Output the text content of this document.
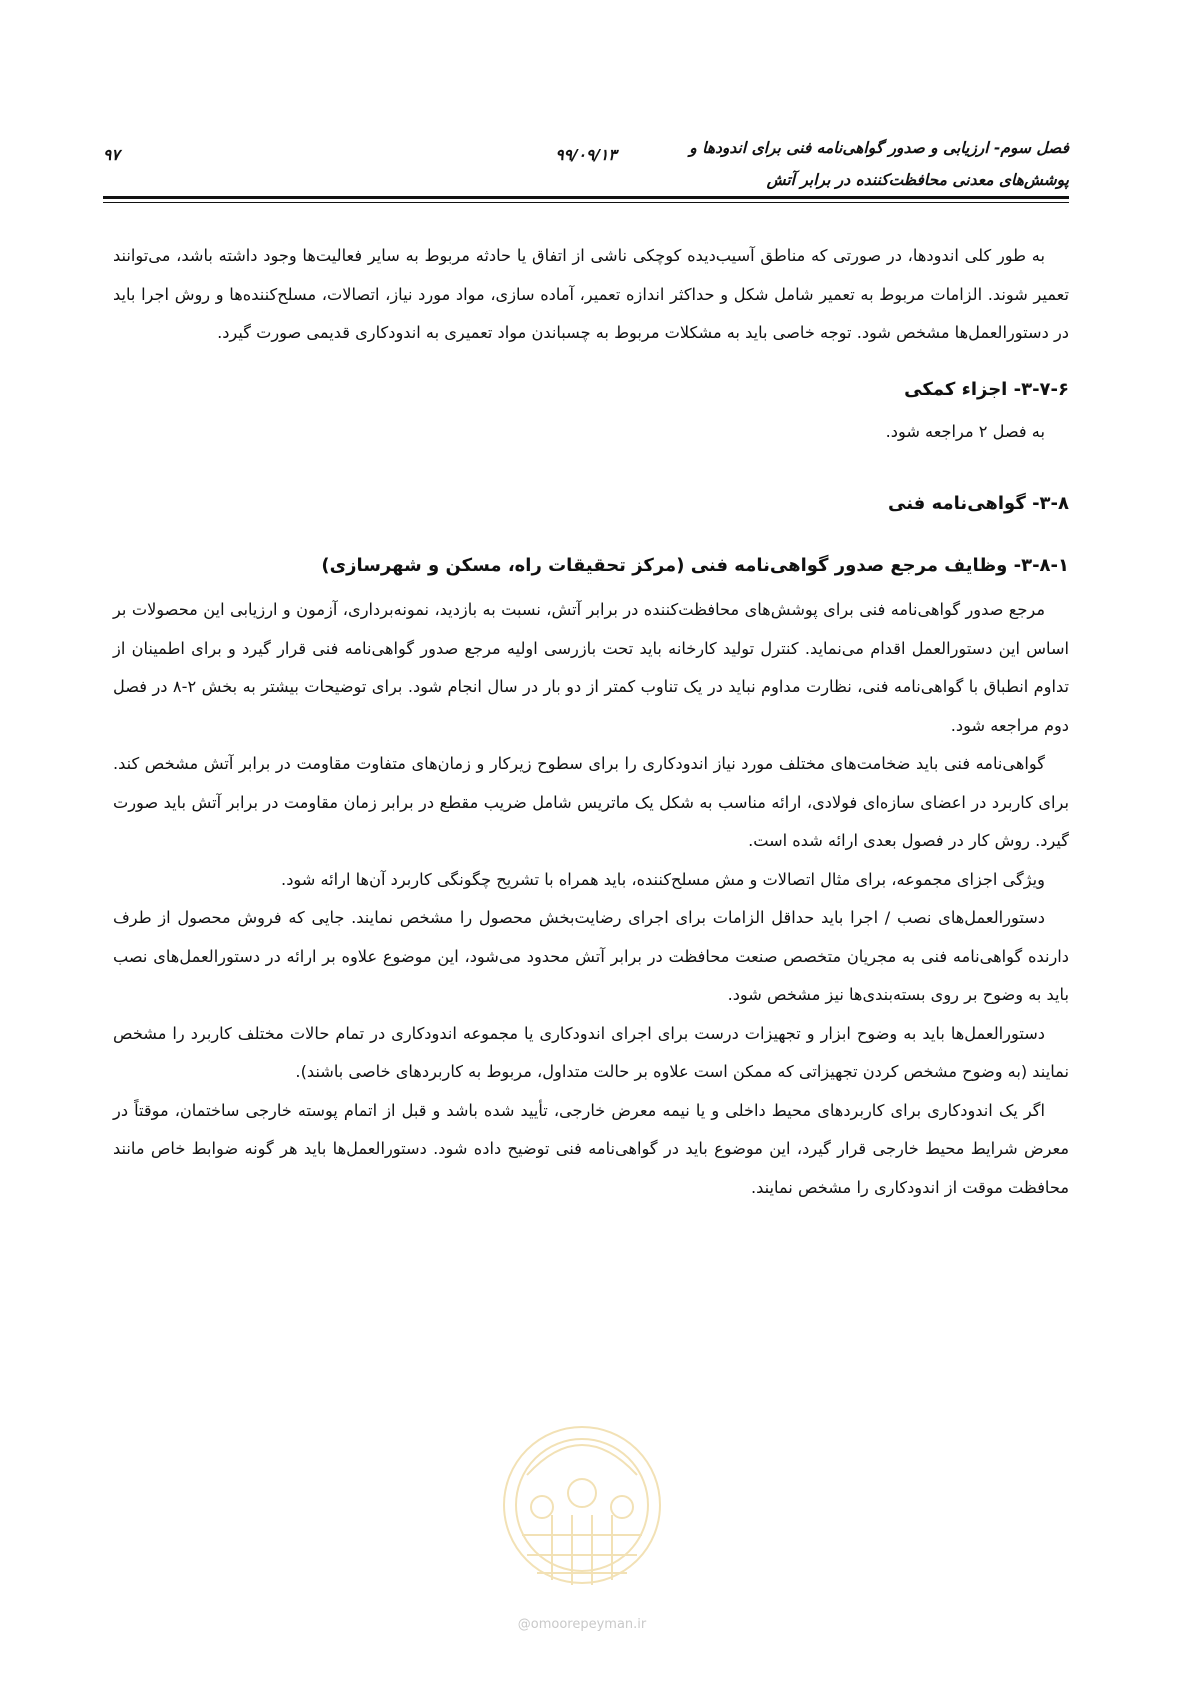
فصل سوم- ارزیابی و صدور گواهی‌نامه فنی برای اندودها و
پوشش‌های معدنی محافظت‌کننده در برابر آتش
۹۹/۰۹/۱۳
۹۷

به طور کلی اندودها، در صورتی که مناطق آسیب‌دیده کوچکی ناشی از اتفاق یا حادثه مربوط به سایر فعالیت‌ها وجود داشته باشد، می‌توانند تعمیر شوند. الزامات مربوط به تعمیر شامل شکل و حداکثر اندازه تعمیر، آماده سازی، مواد مورد نیاز، اتصالات، مسلح‌کننده‌ها و روش اجرا باید در دستورالعمل‌ها مشخص شود. توجه خاصی باید به مشکلات مربوط به چسباندن مواد تعمیری به اندودکاری قدیمی صورت گیرد.

۳-۷-۶- اجزاء کمکی

به فصل ۲ مراجعه شود.

۳-۸- گواهی‌نامه فنی

۳-۸-۱- وظایف مرجع صدور گواهی‌نامه فنی (مرکز تحقیقات راه، مسکن و شهرسازی)

مرجع صدور گواهی‌نامه فنی برای پوشش‌های محافظت‌کننده در برابر آتش، نسبت به بازدید، نمونه‌برداری، آزمون و ارزیابی این محصولات بر اساس این دستورالعمل اقدام می‌نماید. کنترل تولید کارخانه باید تحت بازرسی اولیه مرجع صدور گواهی‌نامه فنی قرار گیرد و برای اطمینان از تداوم انطباق با گواهی‌نامه فنی، نظارت مداوم نباید در یک تناوب کمتر از دو بار در سال انجام شود. برای توضیحات بیشتر به بخش ۲-۸ در فصل دوم مراجعه شود.

گواهی‌نامه فنی باید ضخامت‌های مختلف مورد نیاز اندودکاری را برای سطوح زیرکار و زمان‌های متفاوت مقاومت در برابر آتش مشخص کند. برای کاربرد در اعضای سازه‌ای فولادی، ارائه مناسب به شکل یک ماتریس شامل ضریب مقطع در برابر زمان مقاومت در برابر آتش باید صورت گیرد. روش کار در فصول بعدی ارائه شده است.

ویژگی اجزای مجموعه، برای مثال اتصالات و مش مسلح‌کننده، باید همراه با تشریح چگونگی کاربرد آن‌ها ارائه شود.

دستورالعمل‌های نصب / اجرا باید حداقل الزامات برای اجرای رضایت‌بخش محصول را مشخص نمایند. جایی که فروش محصول از طرف دارنده گواهی‌نامه فنی به مجریان متخصص صنعت محافظت در برابر آتش محدود می‌شود، این موضوع علاوه بر ارائه در دستورالعمل‌های نصب باید به وضوح بر روی بسته‌بندی‌ها نیز مشخص شود.

دستورالعمل‌ها باید به وضوح ابزار و تجهیزات درست برای اجرای اندودکاری یا مجموعه اندودکاری در تمام حالات مختلف کاربرد را مشخص نمایند (به وضوح مشخص کردن تجهیزاتی که ممکن است علاوه بر حالت متداول، مربوط به کاربردهای خاصی باشند).

اگر یک اندودکاری برای کاربردهای محیط داخلی و یا نیمه معرض خارجی، تأیید شده باشد و قبل از اتمام پوسته خارجی ساختمان، موقتاً در معرض شرایط محیط خارجی قرار گیرد، این موضوع باید در گواهی‌نامه فنی توضیح داده شود. دستورالعمل‌ها باید هر گونه ضوابط خاص مانند محافظت موقت از اندودکاری را مشخص نمایند.

@omoorepeyman.ir
